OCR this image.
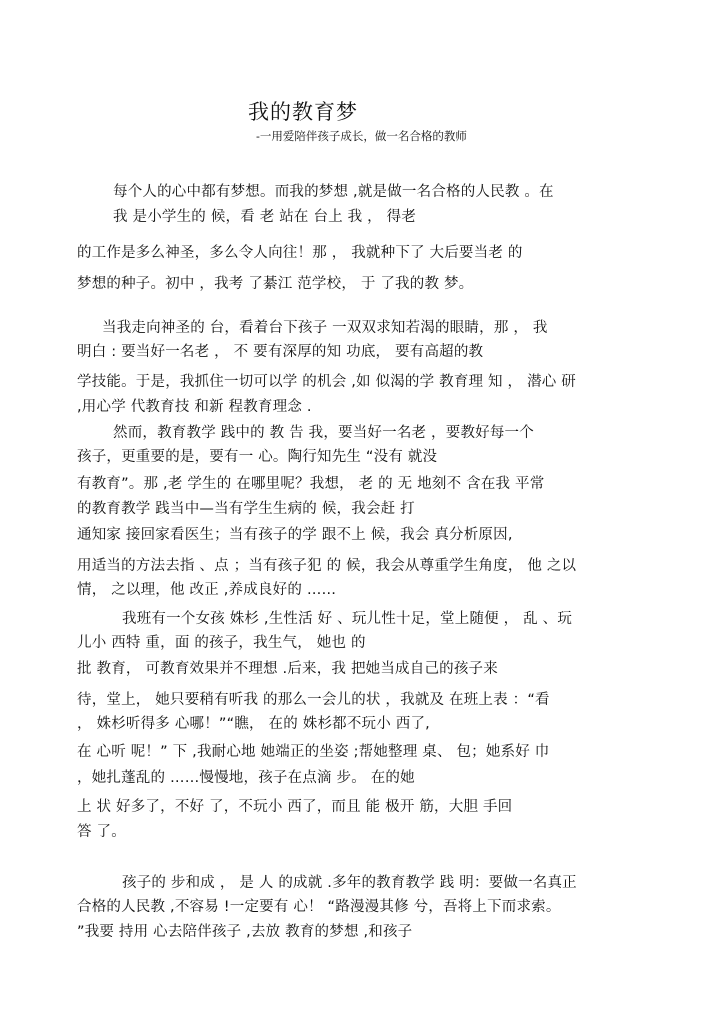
我的教育梦
-一用爱陪伴孩子成长，做一名合格的教师
每个人的心中都有梦想。而我的梦想 ,就是做一名合格的人民教 。在
我 是小学生的 候，看 老 站在 台上 我 ， 得老
的工作是多么神圣，多么令人向往！那 ， 我就种下了 大后要当老 的
梦想的种子。初中 ，我考 了綦江 范学校， 于 了我的教 梦。
当我走向神圣的 台，看着台下孩子 一双双求知若渴的眼睛，那 ， 我
明白 : 要当好一名老 ， 不 要有深厚的知 功底， 要有高超的教
学技能。于是，我抓住一切可以学 的机会 ,如 似渴的学 教育理 知 ， 潜心 研
,用心学 代教育技 和新 程教育理念 .
然而，教育教学 践中的 教 告 我，要当好一名老 ，要教好每一个
孩子，更重要的是，要有一 心。陶行知先生 “没有 就没
有教育”。那 ,老 学生的 在哪里呢？我想， 老 的 无 地刻不 含在我 平常
的教育教学 践当中—当有学生生病的 候，我会赶 打
通知家 接回家看医生；当有孩子的学 跟不上 候，我会 真分析原因,
用适当的方法去指 、点 ；当有孩子犯 的 候，我会从尊重学生角度， 他 之以
情， 之以理，他 改正 ,养成良好的 ……
我班有一个女孩 姝杉 ,生性活 好 、玩儿性十足，堂上随便 ， 乱 、玩
儿小 西特 重，面 的孩子，我生气， 她也 的
批 教育， 可教育效果并不理想 .后来，我 把她当成自己的孩子来
待，堂上， 她只要稍有听我 的那么一会儿的状 ，我就及 在班上表 ：“看
， 姝杉听得多 心哪！”“瞧， 在的 姝杉都不玩小 西了,
在 心听 呢！” 下 ,我耐心地 她端正的坐姿 ;帮她整理 桌、 包；她系好 巾
，她扎蓬乱的 ……慢慢地，孩子在点滴 步。 在的她
上 状 好多了，不好 了，不玩小 西了，而且 能 极开 筋，大胆 手回
答 了。
孩子的 步和成 ， 是 人 的成就 .多年的教育教学 践 明：要做一名真正
合格的人民教 ,不容易 !一定要有 心！ “路漫漫其修 兮，吾将上下而求索。
”我要 持用 心去陪伴孩子 ,去放 教育的梦想 ,和孩子
